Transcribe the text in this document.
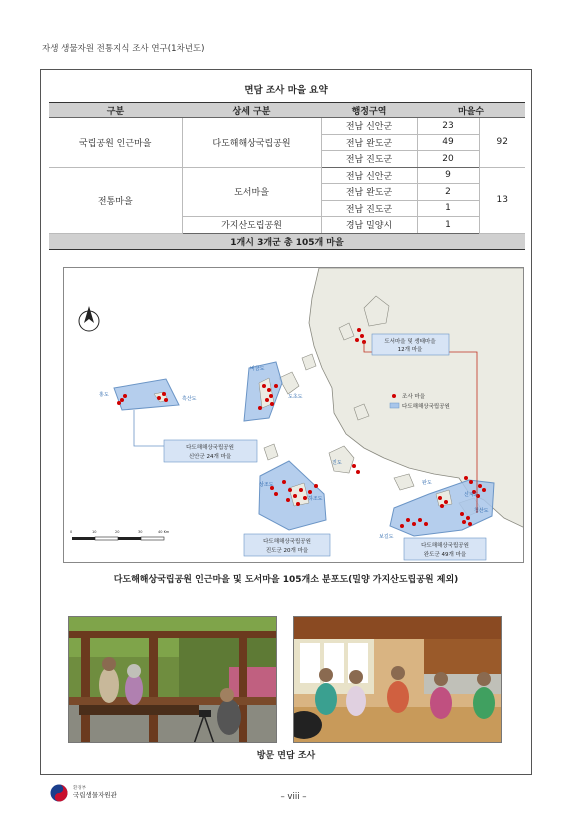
자생 생물자원 전통지식 조사 연구(1차년도)
면담 조사 마을 요약
구분	상세 구분	행정구역	마을수	
국립공원 인근마을	다도해해상국립공원	전남 신안군	23	92
		전남 완도군	49	
		전남 진도군	20	
전통마을	도서마을	전남 신안군	9	13
		전남 완도군	2	
		전남 진도군	1	
	가지산도립공원	경남 밀양시	1	
1개시 3개군 총 105개 마을				
홍도
흑산도
비금도
도초도
진도
상조도
하조도
완도
신지도
청산도
보길도
도서마을 및 생태마을
12개 마을
다도해해상국립공원
신안군 24개 마을
다도해해상국립공원
진도군 20개 마을
다도해해상국립공원
완도군 49개 마을
조사 마을
다도해해상국립공원
0	10	20	30	40 Km
다도해해상국립공원 인근마을 및 도서마을 105개소 분포도(밀양 가지산도립공원 제외)
방문 면담 조사
환경부
국립생물자원관	– viii –
